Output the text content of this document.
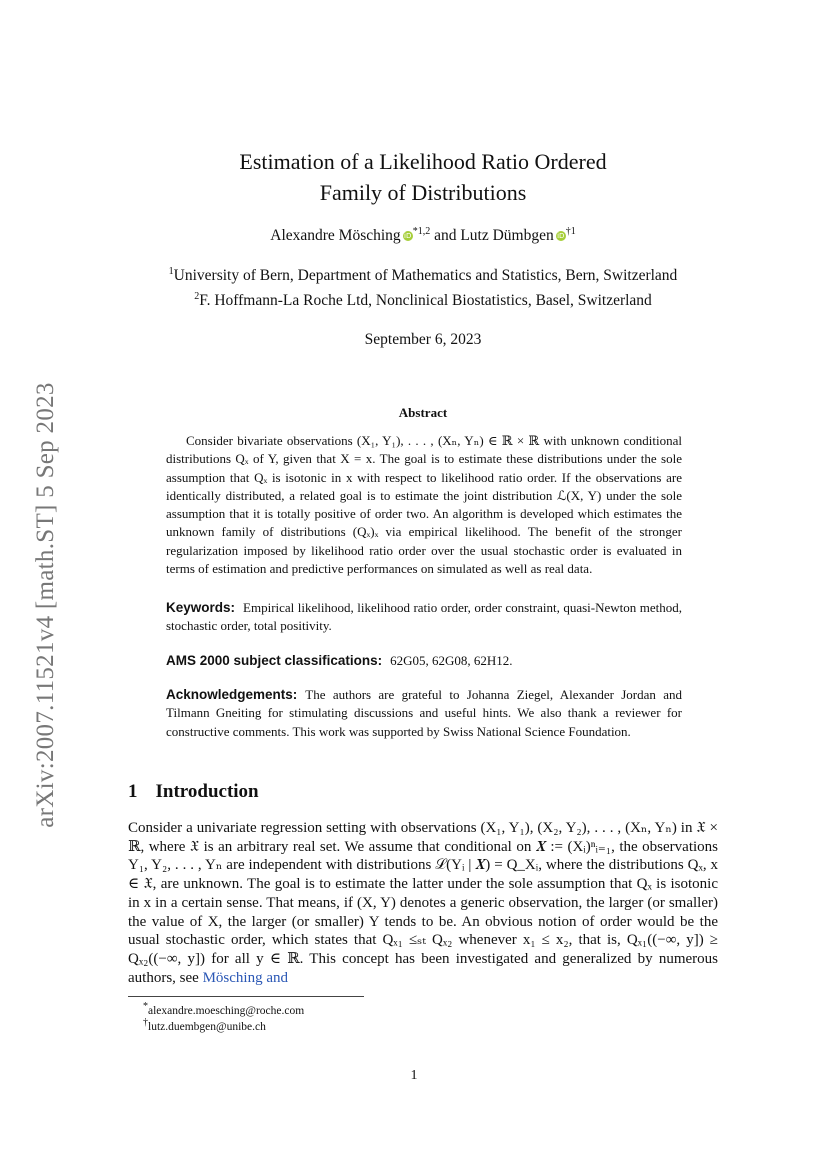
arXiv:2007.11521v4 [math.ST] 5 Sep 2023
Estimation of a Likelihood Ratio Ordered
Family of Distributions
Alexandre Mösching iD$^{*1,2}$ and Lutz Dümbgen $iD^{\dagger 1}$
$^1$University of Bern, Department of Mathematics and Statistics, Bern, Switzerland
$^2$F. Hoffmann-La Roche Ltd, Nonclinical Biostatistics, Basel, Switzerland
September 6, 2023
Abstract
Consider bivariate observations (X₁, Y₁), . . . , (Xₙ, Yₙ) ∈ ℝ × ℝ with unknown conditional distributions Qₓ of Y, given that X = x. The goal is to estimate these distributions under the sole assumption that Qₓ is isotonic in x with respect to likelihood ratio order. If the observations are identically distributed, a related goal is to estimate the joint distribution ℒ(X, Y) under the sole assumption that it is totally positive of order two. An algorithm is developed which estimates the unknown family of distributions (Qₓ)ₓ via empirical likelihood. The benefit of the stronger regularization imposed by likelihood ratio order over the usual stochastic order is evaluated in terms of estimation and predictive performances on simulated as well as real data.
Keywords: Empirical likelihood, likelihood ratio order, order constraint, quasi-Newton method, stochastic order, total positivity.
AMS 2000 subject classifications: 62G05, 62G08, 62H12.
Acknowledgements: The authors are grateful to Johanna Ziegel, Alexander Jordan and Tilmann Gneiting for stimulating discussions and useful hints. We also thank a reviewer for constructive comments. This work was supported by Swiss National Science Foundation.
1 Introduction
Consider a univariate regression setting with observations (X₁, Y₁), (X₂, Y₂), . . . , (Xₙ, Yₙ) in 𝔛 × ℝ, where 𝔛 is an arbitrary real set. We assume that conditional on 𝑿 := (Xᵢ)ⁿᵢ₌₁, the observations Y₁, Y₂, . . . , Yₙ are independent with distributions ℒ(Yᵢ | 𝑿) = Q_Xᵢ, where the distributions Qₓ, x ∈ 𝔛, are unknown. The goal is to estimate the latter under the sole assumption that Qₓ is isotonic in x in a certain sense. That means, if (X, Y) denotes a generic observation, the larger (or smaller) the value of X, the larger (or smaller) Y tends to be. An obvious notion of order would be the usual stochastic order, which states that Qₓ₁ ≤ₛₜ Qₓ₂ whenever x₁ ≤ x₂, that is, Qₓ₁((−∞, y]) ≥ Qₓ₂((−∞, y]) for all y ∈ ℝ. This concept has been investigated and generalized by numerous authors, see Mösching and
*alexandre.moesching@roche.com
†lutz.duembgen@unibe.ch
1
